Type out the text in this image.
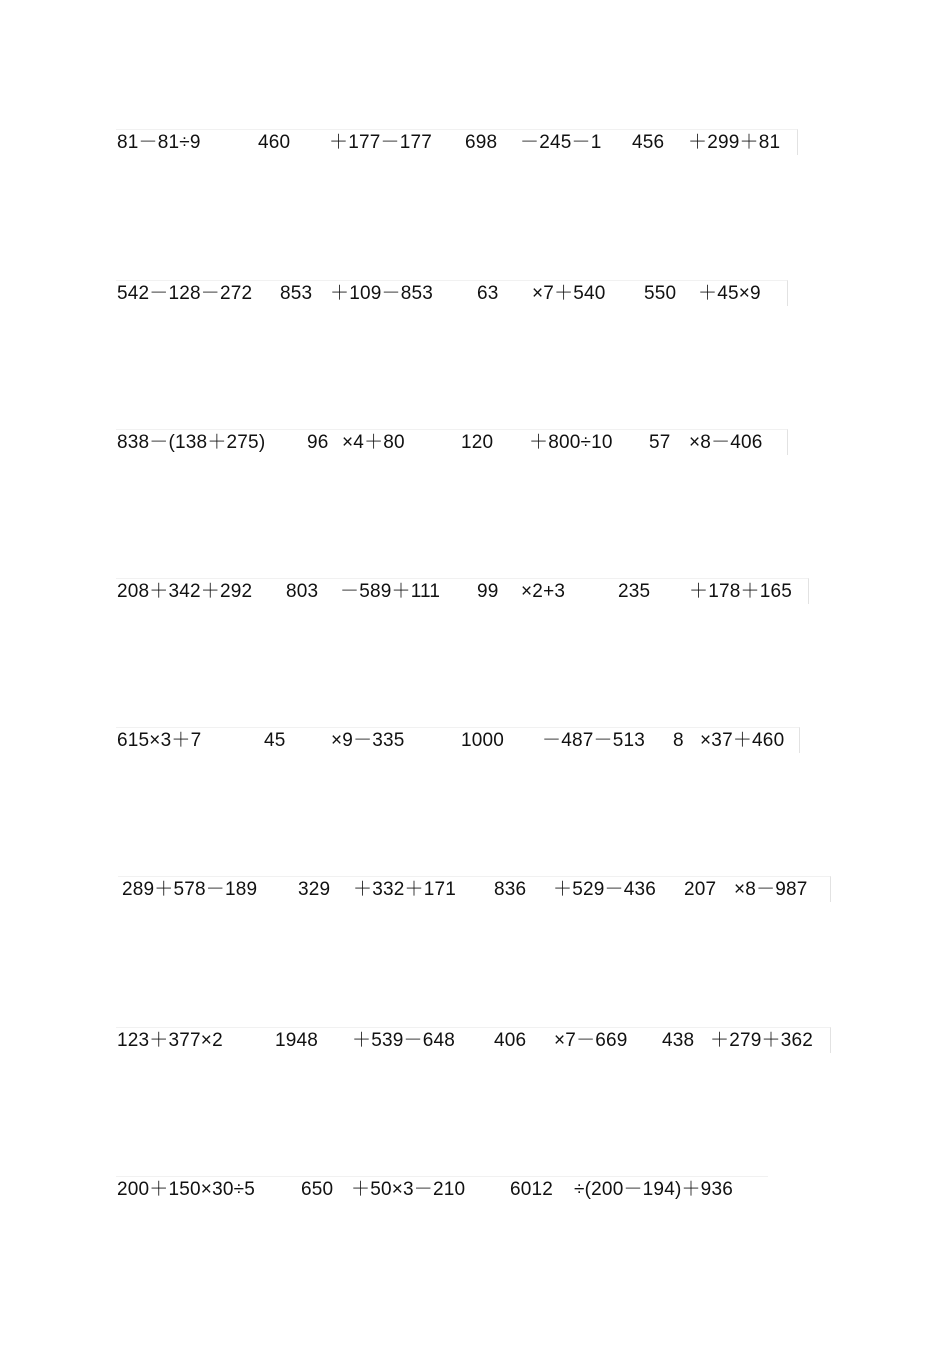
81－81÷9	460 ＋177－177 698 －245－1 456 ＋299＋81
542－128－272 853 ＋109－853 63 ×7＋540 550 ＋45×9
838－(138＋275) 96 ×4＋80	120 ＋800÷10 57 ×8－406
208＋342＋292 803 －589＋111 99 ×2+3	235 ＋178＋165
615×3＋7	45 ×9－335	1000 －487－513 8 ×37＋460
289＋578－189 329 ＋332＋171 836 ＋529－436 207 ×8－987
123＋377×2	1948 ＋539－648 406 ×7－669 438 ＋279＋362
200＋150×30÷5 650 ＋50×3－210 6012 ÷(200－194)＋936
